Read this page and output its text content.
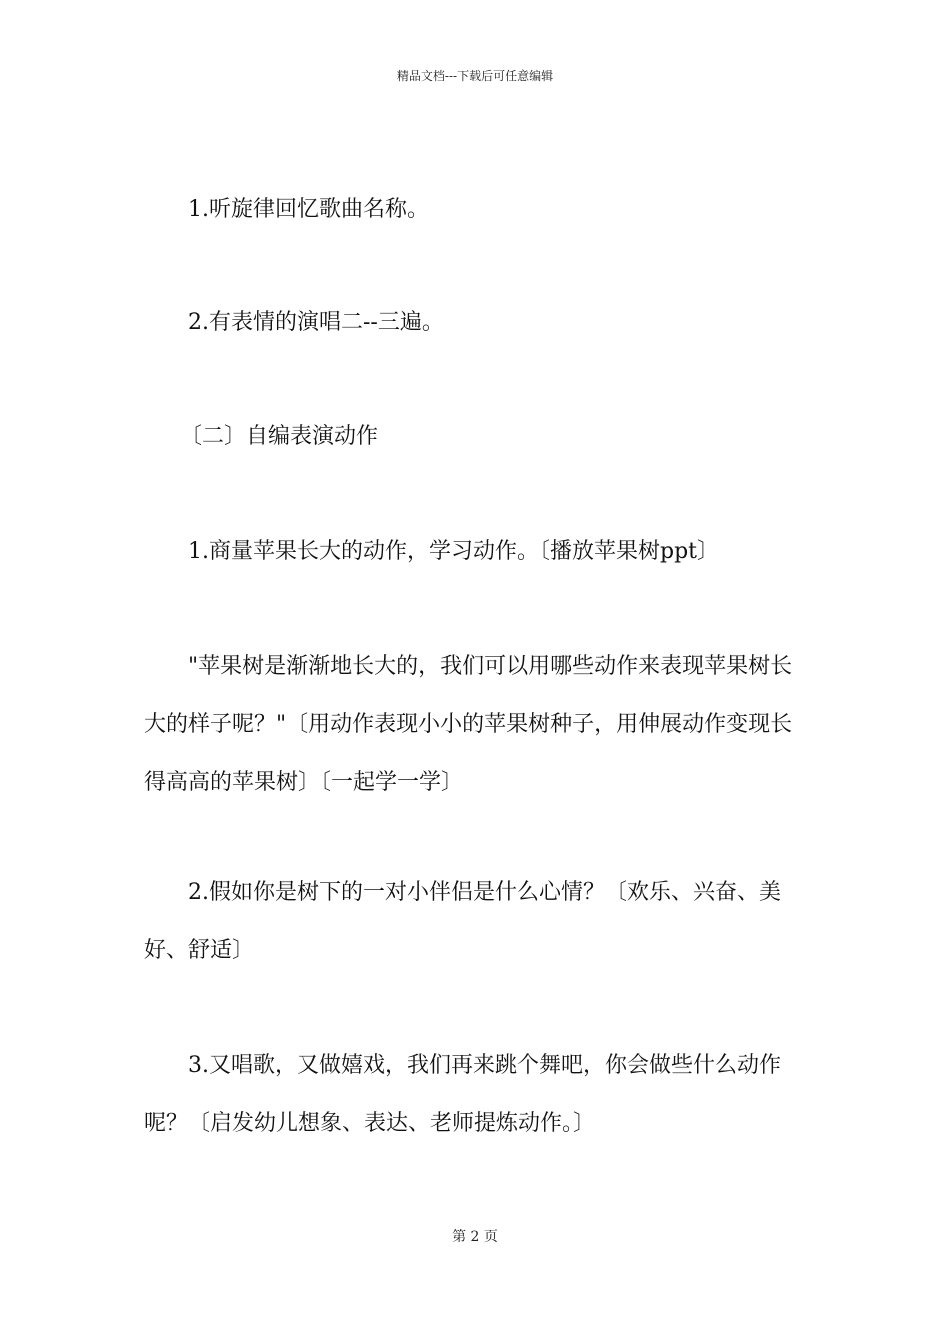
精品文档---下载后可任意编辑

1.听旋律回忆歌曲名称。

2.有表情的演唱二--三遍。

〔二〕自编表演动作

1.商量苹果长大的动作，学习动作。〔播放苹果树ppt〕

"苹果树是渐渐地长大的，我们可以用哪些动作来表现苹果树长大的样子呢？"〔用动作表现小小的苹果树种子，用伸展动作变现长得高高的苹果树〕〔一起学一学〕

2.假如你是树下的一对小伴侣是什么心情？〔欢乐、兴奋、美好、舒适〕

3.又唱歌，又做嬉戏，我们再来跳个舞吧，你会做些什么动作呢？〔启发幼儿想象、表达、老师提炼动作。〕

第 2 页
